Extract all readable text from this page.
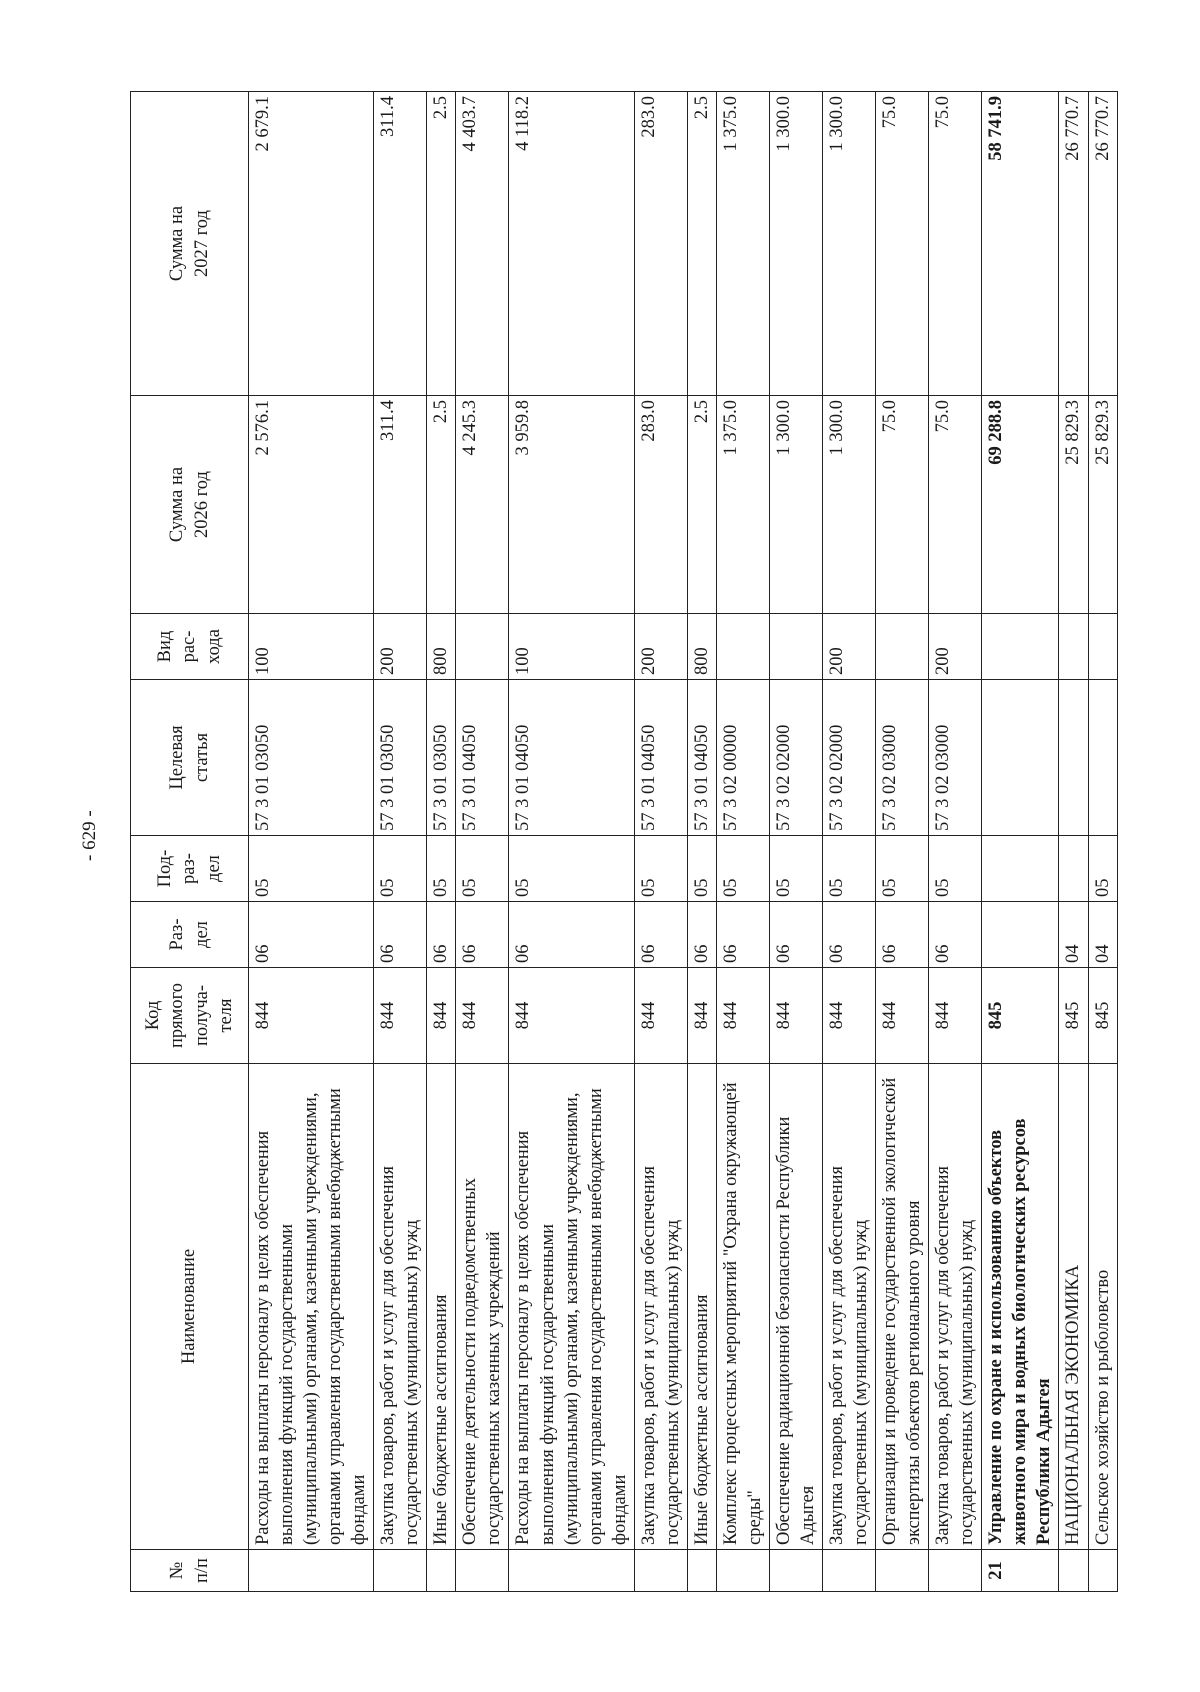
- 629 -
№
п/п	Наименование	Код
прямого
получа-
теля	Раз-
дел	Под-
раз-
дел	Целевая
статья	Вид
рас-
хода	Сумма на
2026 год	Сумма на
2027 год
	Расходы на выплаты персоналу в целях обеспечения выполнения функций государственными (муниципальными) органами, казенными учреждениями, органами управления государственными внебюджетными фондами	844	06	05	57 3 01 03050	100	2 576.1	2 679.1
	Закупка товаров, работ и услуг для обеспечения государственных (муниципальных) нужд	844	06	05	57 3 01 03050	200	311.4	311.4
	Иные бюджетные ассигнования	844	06	05	57 3 01 03050	800	2.5	2.5
	Обеспечение деятельности подведомственных государственных казенных учреждений	844	06	05	57 3 01 04050		4 245.3	4 403.7
	Расходы на выплаты персоналу в целях обеспечения выполнения функций государственными (муниципальными) органами, казенными учреждениями, органами управления государственными внебюджетными фондами	844	06	05	57 3 01 04050	100	3 959.8	4 118.2
	Закупка товаров, работ и услуг для обеспечения государственных (муниципальных) нужд	844	06	05	57 3 01 04050	200	283.0	283.0
	Иные бюджетные ассигнования	844	06	05	57 3 01 04050	800	2.5	2.5
	Комплекс процессных мероприятий "Охрана окружающей среды"	844	06	05	57 3 02 00000		1 375.0	1 375.0
	Обеспечение радиационной безопасности Республики Адыгея	844	06	05	57 3 02 02000		1 300.0	1 300.0
	Закупка товаров, работ и услуг для обеспечения государственных (муниципальных) нужд	844	06	05	57 3 02 02000	200	1 300.0	1 300.0
	Организация и проведение государственной экологической экспертизы объектов регионального уровня	844	06	05	57 3 02 03000		75.0	75.0
	Закупка товаров, работ и услуг для обеспечения государственных (муниципальных) нужд	844	06	05	57 3 02 03000	200	75.0	75.0
21	Управление по охране и использованию объектов животного мира и водных биологических ресурсов Республики Адыгея	845					69 288.8	58 741.9
	НАЦИОНАЛЬНАЯ ЭКОНОМИКА	845	04				25 829.3	26 770.7
	Сельское хозяйство и рыболовство	845	04	05			25 829.3	26 770.7
